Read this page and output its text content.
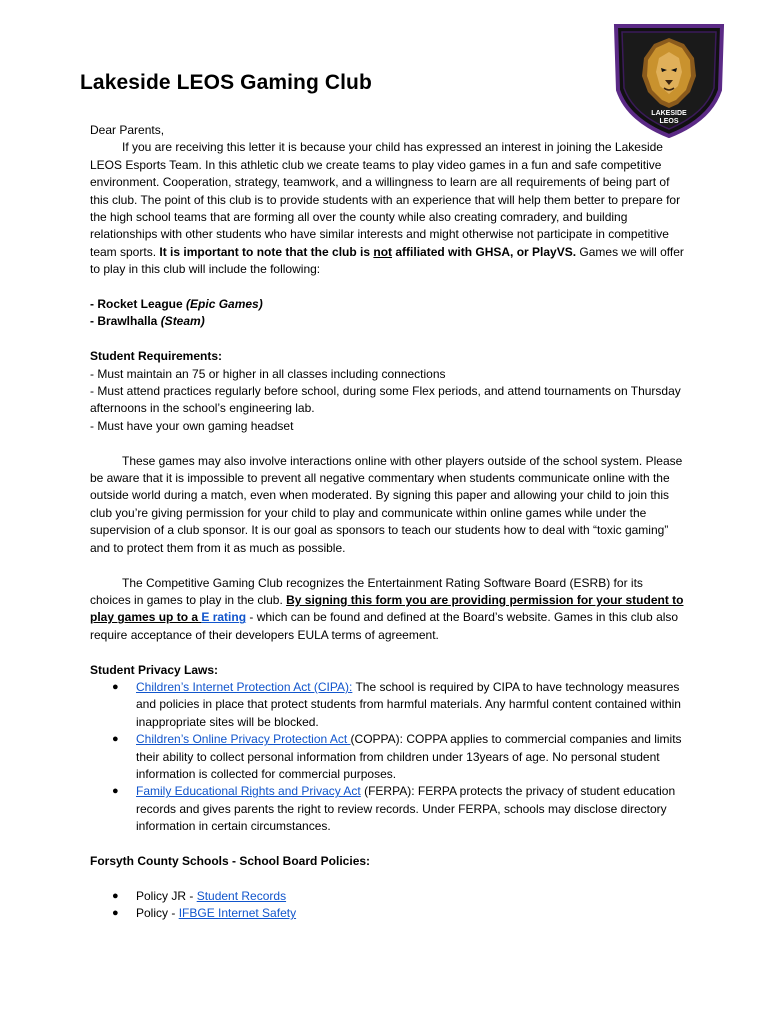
Lakeside LEOS Gaming Club
LAKESIDE
LEOS

Dear Parents,

If you are receiving this letter it is because your child has expressed an interest in joining the Lakeside LEOS Esports Team. In this athletic club we create teams to play video games in a fun and safe competitive environment. Cooperation, strategy, teamwork, and a willingness to learn are all requirements of being part of this club. The point of this club is to provide students with an experience that will help them better to prepare for the high school teams that are forming all over the county while also creating comradery, and building relationships with other students who have similar interests and might otherwise not participate in competitive team sports. It is important to note that the club is not affiliated with GHSA, or PlayVS. Games we will offer to play in this club will include the following:

- Rocket League (Epic Games)

- Brawlhalla (Steam)

Student Requirements:

- Must maintain an 75 or higher in all classes including connections

- Must attend practices regularly before school, during some Flex periods, and attend tournaments on Thursday afternoons in the school’s engineering lab.

- Must have your own gaming headset

These games may also involve interactions online with other players outside of the school system. Please be aware that it is impossible to prevent all negative commentary when students communicate online with the outside world during a match, even when moderated. By signing this paper and allowing your child to join this club you’re giving permission for your child to play and communicate within online games while under the supervision of a club sponsor. It is our goal as sponsors to teach our students how to deal with “toxic gaming” and to protect them from it as much as possible.

The Competitive Gaming Club recognizes the Entertainment Rating Software Board (ESRB) for its choices in games to play in the club. By signing this form you are providing permission for your student to play games up to a E rating - which can be found and defined at the Board’s website. Games in this club also require acceptance of their developers EULA terms of agreement.

Student Privacy Laws:

● Children’s Internet Protection Act (CIPA): The school is required by CIPA to have technology measures and policies in place that protect students from harmful materials. Any harmful content contained within inappropriate sites will be blocked.
● Children’s Online Privacy Protection Act (COPPA): COPPA applies to commercial companies and limits their ability to collect personal information from children under 13years of age. No personal student information is collected for commercial purposes.
● Family Educational Rights and Privacy Act (FERPA): FERPA protects the privacy of student education records and gives parents the right to review records. Under FERPA, schools may disclose directory information in certain circumstances.

Forsyth County Schools - School Board Policies:

● Policy JR - Student Records
● Policy - IFBGE Internet Safety
